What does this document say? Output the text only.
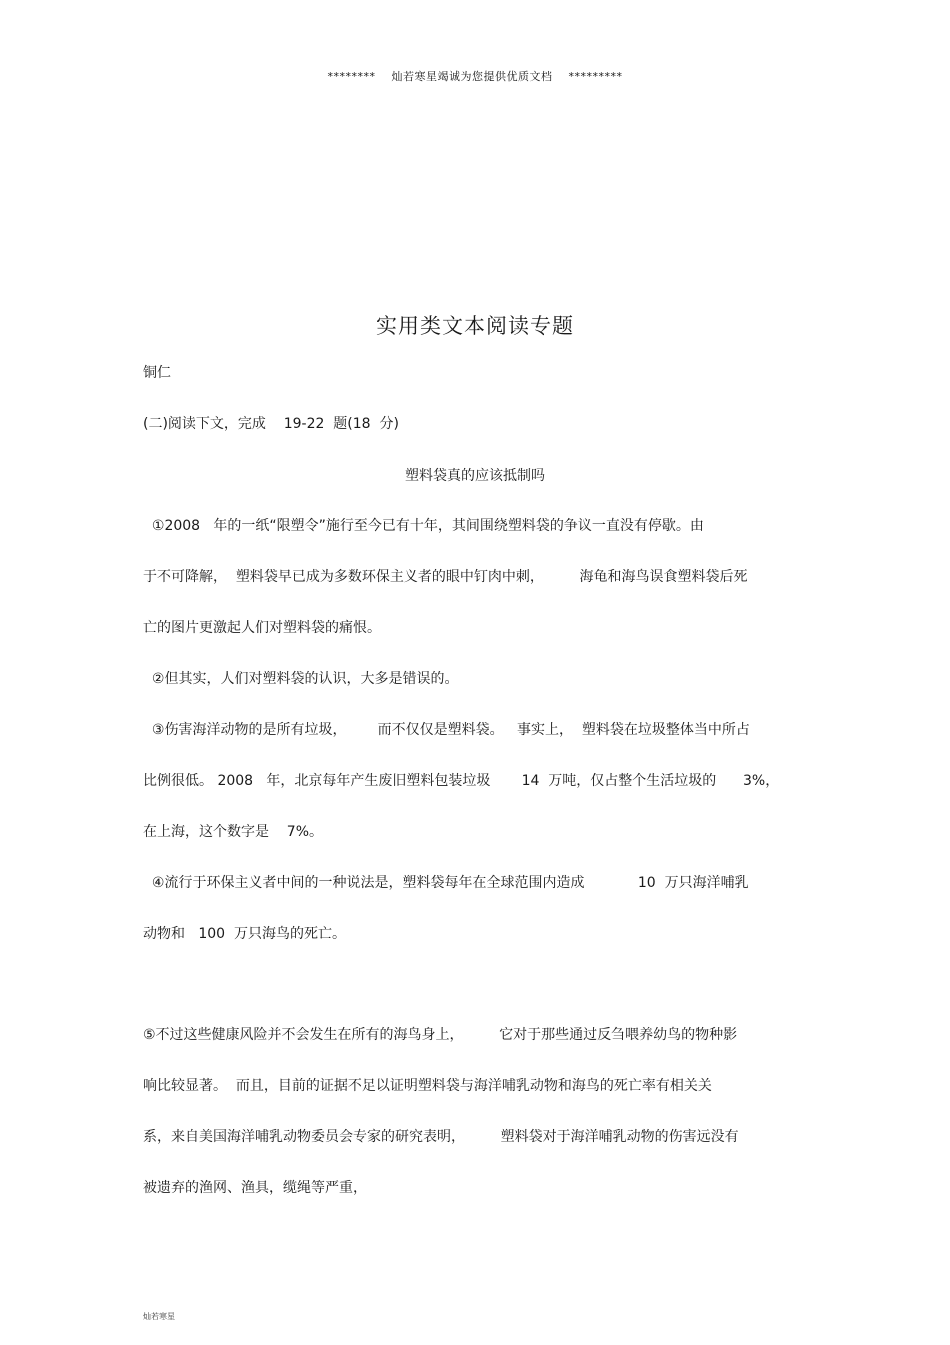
********    灿若寒星竭诚为您提供优质文档    *********
实用类文本阅读专题
铜仁
(二)阅读下文，完成    19-22  题(18  分)
塑料袋真的应该抵制吗
①2008   年的一纸“限塑令”施行至今已有十年，其间围绕塑料袋的争议一直没有停歇。由
于不可降解，  塑料袋早已成为多数环保主义者的眼中钉肉中刺，        海龟和海鸟误食塑料袋后死
亡的图片更激起人们对塑料袋的痛恨。
②但其实，人们对塑料袋的认识，大多是错误的。
③伤害海洋动物的是所有垃圾，       而不仅仅是塑料袋。   事实上，  塑料袋在垃圾整体当中所占
比例很低。 2008   年，北京每年产生废旧塑料包装垃圾       14  万吨，仅占整个生活垃圾的      3%，
在上海，这个数字是    7%。
④流行于环保主义者中间的一种说法是，塑料袋每年在全球范围内造成            10  万只海洋哺乳
动物和   100  万只海鸟的死亡。
⑤不过这些健康风险并不会发生在所有的海鸟身上，        它对于那些通过反刍喂养幼鸟的物种影
响比较显著。  而且，目前的证据不足以证明塑料袋与海洋哺乳动物和海鸟的死亡率有相关关
系，来自美国海洋哺乳动物委员会专家的研究表明，        塑料袋对于海洋哺乳动物的伤害远没有
被遗弃的渔网、渔具，缆绳等严重，
灿若寒星
